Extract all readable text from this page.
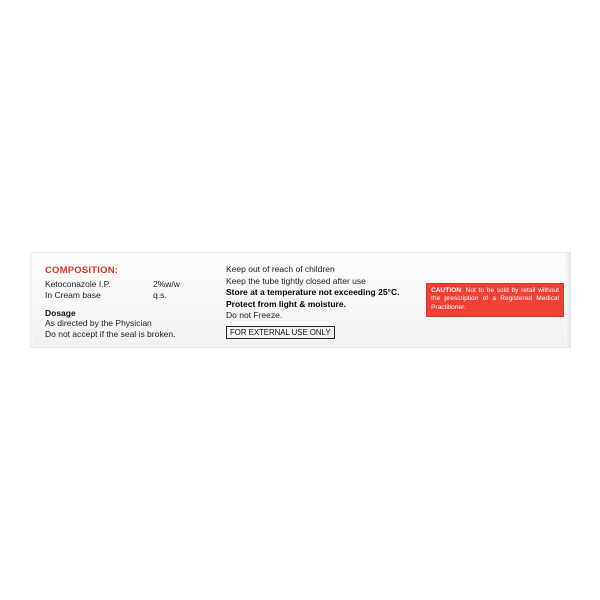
COMPOSITION:
Ketoconazole I.P.	2%w/w
In Cream base	q.s.
Dosage
As directed by the Physician
Do not accept if the seal is broken.
Keep out of reach of children
Keep the tube tightly closed after use
Store at a temperature not exceeding 25°C.
Protect from light & moisture.
Do not Freeze.
FOR EXTERNAL USE ONLY
CAUTION: Not to be sold by retail without the prescription of a Registered Medical Practitioner.
